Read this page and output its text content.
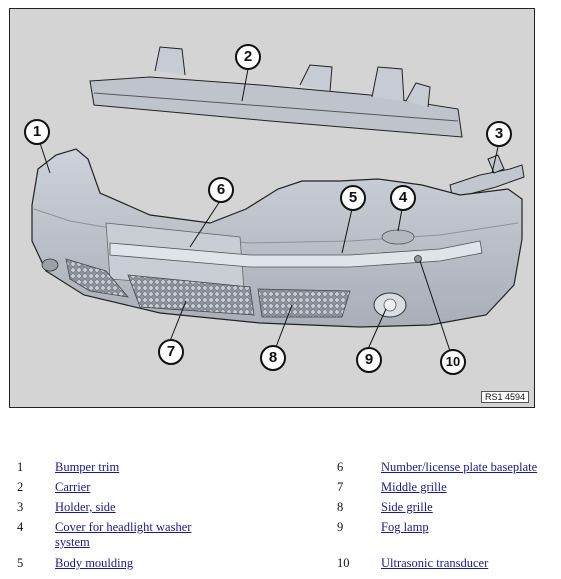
2
1	3
6	5	4
7	8	9	10
RS1 4594
1	Bumper trim
2	Carrier
3	Holder, side
4	Cover for headlight washer system
5	Body moulding
6	Number/license plate baseplate
7	Middle grille
8	Side grille
9	Fog lamp
10	Ultrasonic transducer
